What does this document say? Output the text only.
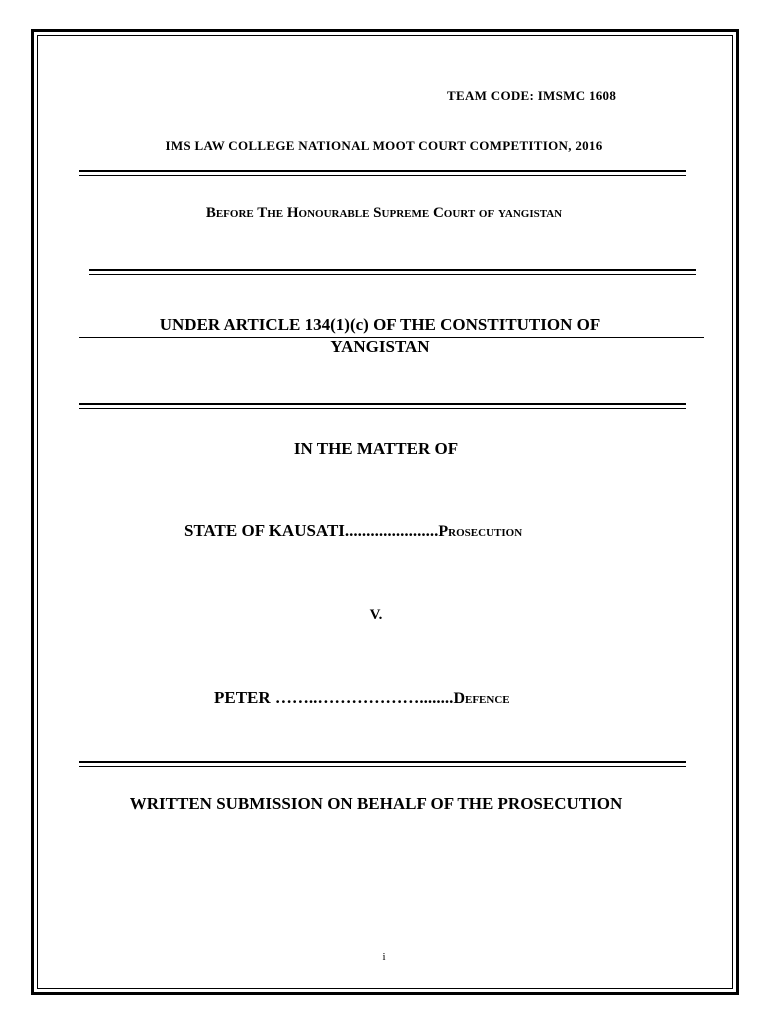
TEAM CODE: IMSMC 1608
IMS LAW COLLEGE NATIONAL MOOT COURT COMPETITION, 2016
Before The Honourable Supreme Court of yangistan
UNDER ARTICLE 134(1)(c) OF THE CONSTITUTION OF
YANGISTAN
IN THE MATTER OF
STATE OF KAUSATI......................Prosecution
V.
PETER ……..………………........Defence
WRITTEN SUBMISSION ON BEHALF OF THE PROSECUTION
i
